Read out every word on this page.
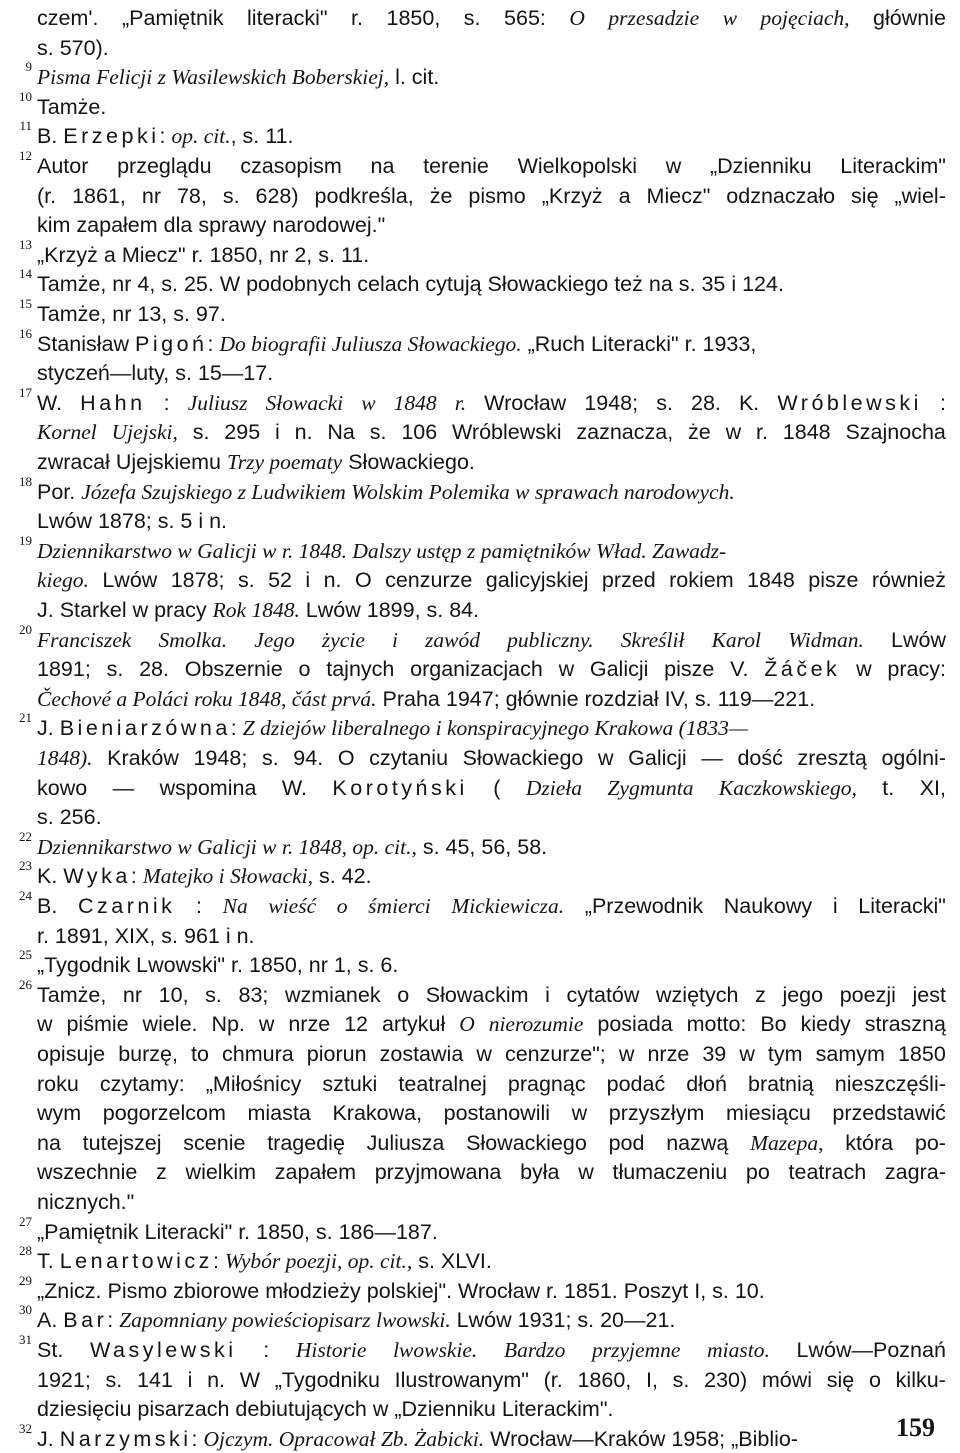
159
czem'. „Pamiętnik literacki" r. 1850, s. 565: O przesadzie w pojęciach, głównie
s. 570).
9 Pisma Felicji z Wasilewskich Boberskiej, l. cit.
10 Tamże.
11 B. Erzepki: op. cit., s. 11.
12 Autor przeglądu czasopism na terenie Wielkopolski w „Dzienniku Literackim"
(r. 1861, nr 78, s. 628) podkreśla, że pismo „Krzyż a Miecz" odznaczało się „wiel-
kim zapałem dla sprawy narodowej."
13 „Krzyż a Miecz" r. 1850, nr 2, s. 11.
14 Tamże, nr 4, s. 25. W podobnych celach cytują Słowackiego też na s. 35 i 124.
15 Tamże, nr 13, s. 97.
16 Stanisław Pigoń: Do biografii Juliusza Słowackiego. „Ruch Literacki" r. 1933,
styczeń—luty, s. 15—17.
17 W. Hahn : Juliusz Słowacki w 1848 r. Wrocław 1948; s. 28. K. Wróblewski :
Kornel Ujejski, s. 295 i n. Na s. 106 Wróblewski zaznacza, że w r. 1848 Szajnocha
zwracał Ujejskiemu Trzy poematy Słowackiego.
18 Por. Józefa Szujskiego z Ludwikiem Wolskim Polemika w sprawach narodowych.
Lwów 1878; s. 5 i n.
19 Dziennikarstwo w Galicji w r. 1848. Dalszy ustęp z pamiętników Wład. Zawadz-
kiego. Lwów 1878; s. 52 i n. O cenzurze galicyjskiej przed rokiem 1848 pisze również
J. Starkel w pracy Rok 1848. Lwów 1899, s. 84.
20 Franciszek Smolka. Jego życie i zawód publiczny. Skreślił Karol Widman. Lwów
1891; s. 28. Obszernie o tajnych organizacjach w Galicji pisze V. Žáček w pracy:
Čechové a Poláci roku 1848, část prvá. Praha 1947; głównie rozdział IV, s. 119—221.
21 J. Bieniarzówna: Z dziejów liberalnego i konspiracyjnego Krakowa (1833—
1848). Kraków 1948; s. 94. O czytaniu Słowackiego w Galicji — dość zresztą ogólni-
kowo — wspomina W. Korotyński ( Dzieła Zygmunta Kaczkowskiego, t. XI,
s. 256.
22 Dziennikarstwo w Galicji w r. 1848, op. cit., s. 45, 56, 58.
23 K. Wyka: Matejko i Słowacki, s. 42.
24 B. Czarnik : Na wieść o śmierci Mickiewicza. „Przewodnik Naukowy i Literacki"
r. 1891, XIX, s. 961 i n.
25 „Tygodnik Lwowski" r. 1850, nr 1, s. 6.
26 Tamże, nr 10, s. 83; wzmianek o Słowackim i cytatów wziętych z jego poezji jest
w piśmie wiele. Np. w nrze 12 artykuł O nierozumie posiada motto: Bo kiedy straszną
opisuje burzę, to chmura piorun zostawia w cenzurze"; w nrze 39 w tym samym 1850
roku czytamy: „Miłośnicy sztuki teatralnej pragnąc podać dłoń bratnią nieszczęśli-
wym pogorzelcom miasta Krakowa, postanowili w przyszłym miesiącu przedstawić
na tutejszej scenie tragedię Juliusza Słowackiego pod nazwą Mazepa, która po-
wszechnie z wielkim zapałem przyjmowana była w tłumaczeniu po teatrach zagra-
nicznych."
27 „Pamiętnik Literacki" r. 1850, s. 186—187.
28 T. Lenartowicz: Wybór poezji, op. cit., s. XLVI.
29 „Znicz. Pismo zbiorowe młodzieży polskiej". Wrocław r. 1851. Poszyt I, s. 10.
30 A. Bar: Zapomniany powieściopisarz lwowski. Lwów 1931; s. 20—21.
31 St. Wasylewski : Historie lwowskie. Bardzo przyjemne miasto. Lwów—Poznań
1921; s. 141 i n. W „Tygodniku Ilustrowanym" (r. 1860, I, s. 230) mówi się o kilku-
dziesięciu pisarzach debiutujących w „Dzienniku Literackim".
32 J. Narzymski: Ojczym. Opracował Zb. Żabicki. Wrocław—Kraków 1958; „Biblio-
